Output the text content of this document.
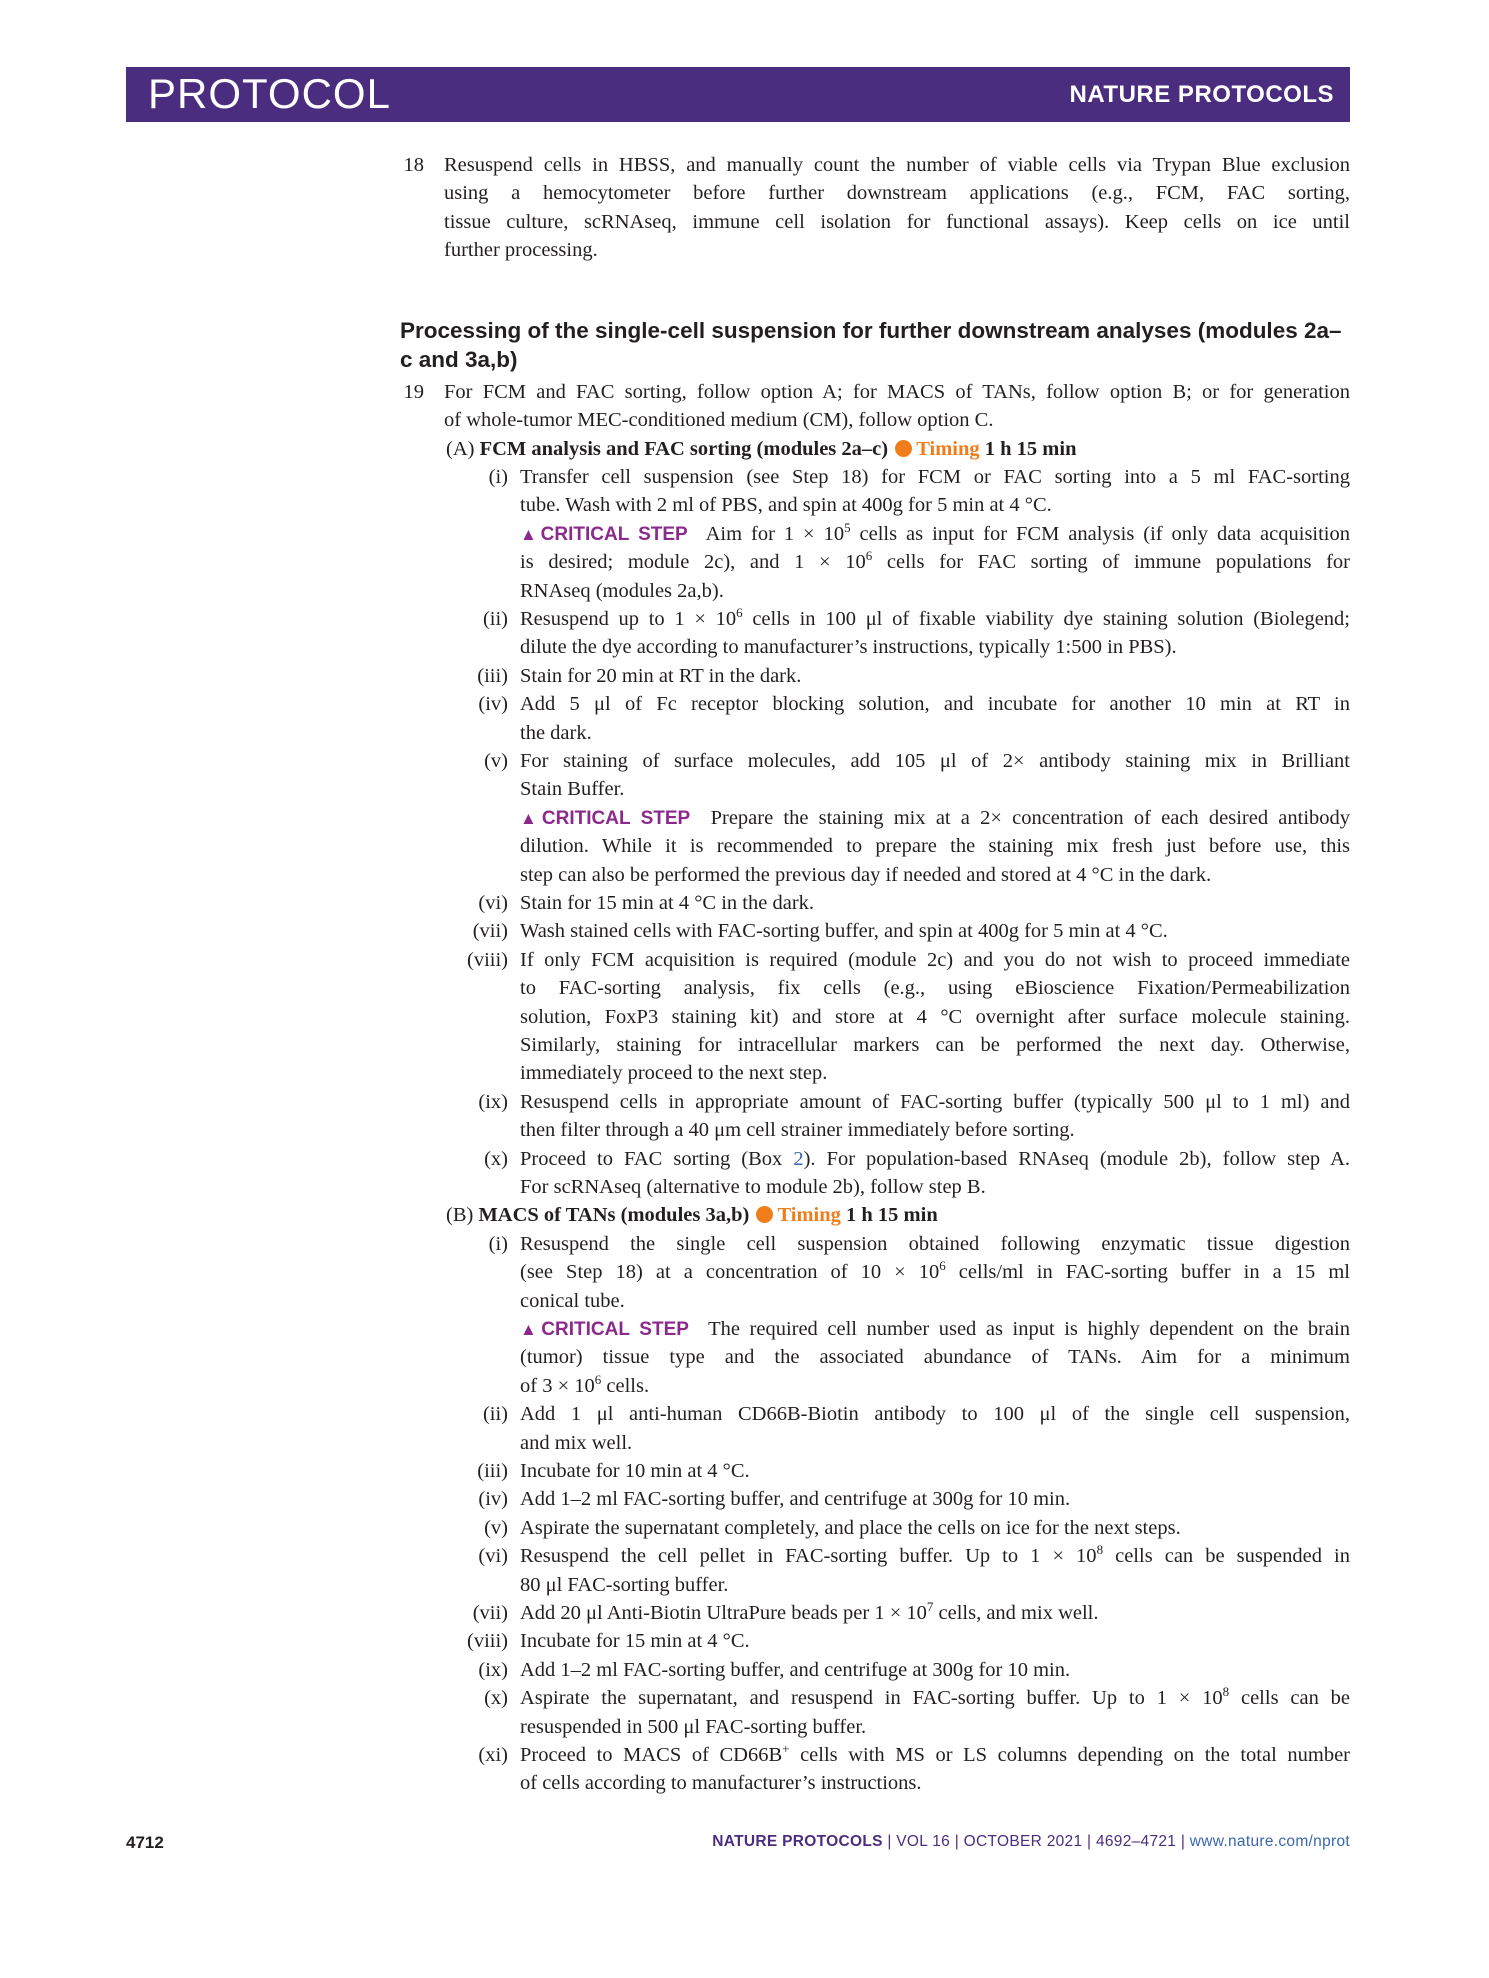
PROTOCOL	NATURE PROTOCOLS
18 Resuspend cells in HBSS, and manually count the number of viable cells via Trypan Blue exclusion
using a hemocytometer before further downstream applications (e.g., FCM, FAC sorting,
tissue culture, scRNAseq, immune cell isolation for functional assays). Keep cells on ice until
further processing.
Processing of the single-cell suspension for further downstream analyses (modules 2a–c and 3a,b)
19 For FCM and FAC sorting, follow option A; for MACS of TANs, follow option B; or for generation
of whole-tumor MEC-conditioned medium (CM), follow option C.
(A) FCM analysis and FAC sorting (modules 2a–c) Timing 1 h 15 min
(i) Transfer cell suspension (see Step 18) for FCM or FAC sorting into a 5 ml FAC-sorting
tube. Wash with 2 ml of PBS, and spin at 400g for 5 min at 4 °C.
▲CRITICAL STEP Aim for $1 \times 10^5$ cells as input for FCM analysis (if only data acquisition
is desired; module 2c), and $1 \times 10^6$ cells for FAC sorting of immune populations for
RNAseq (modules 2a,b).
(ii) Resuspend up to $1 \times 10^6$ cells in 100 μl of fixable viability dye staining solution (Biolegend;
dilute the dye according to manufacturer’s instructions, typically 1:500 in PBS).
(iii) Stain for 20 min at RT in the dark.
(iv) Add 5 μl of Fc receptor blocking solution, and incubate for another 10 min at RT in
the dark.
(v) For staining of surface molecules, add 105 μl of 2× antibody staining mix in Brilliant
Stain Buffer.
▲CRITICAL STEP Prepare the staining mix at a 2× concentration of each desired antibody
dilution. While it is recommended to prepare the staining mix fresh just before use, this
step can also be performed the previous day if needed and stored at 4 °C in the dark.
(vi) Stain for 15 min at 4 °C in the dark.
(vii) Wash stained cells with FAC-sorting buffer, and spin at 400g for 5 min at 4 °C.
(viii) If only FCM acquisition is required (module 2c) and you do not wish to proceed immediate
to FAC-sorting analysis, fix cells (e.g., using eBioscience Fixation/Permeabilization
solution, FoxP3 staining kit) and store at 4 °C overnight after surface molecule staining.
Similarly, staining for intracellular markers can be performed the next day. Otherwise,
immediately proceed to the next step.
(ix) Resuspend cells in appropriate amount of FAC-sorting buffer (typically 500 μl to 1 ml) and
then filter through a 40 μm cell strainer immediately before sorting.
(x) Proceed to FAC sorting (Box 2). For population-based RNAseq (module 2b), follow step A.
For scRNAseq (alternative to module 2b), follow step B.
(B) MACS of TANs (modules 3a,b) Timing 1 h 15 min
(i) Resuspend the single cell suspension obtained following enzymatic tissue digestion
(see Step 18) at a concentration of $10 \times 10^6$ cells/ml in FAC-sorting buffer in a 15 ml
conical tube.
▲CRITICAL STEP The required cell number used as input is highly dependent on the brain
(tumor) tissue type and the associated abundance of TANs. Aim for a minimum
of $3 \times 10^6$ cells.
(ii) Add 1 μl anti-human CD66B-Biotin antibody to 100 μl of the single cell suspension,
and mix well.
(iii) Incubate for 10 min at 4 °C.
(iv) Add 1–2 ml FAC-sorting buffer, and centrifuge at 300g for 10 min.
(v) Aspirate the supernatant completely, and place the cells on ice for the next steps.
(vi) Resuspend the cell pellet in FAC-sorting buffer. Up to $1 \times 10^8$ cells can be suspended in
80 μl FAC-sorting buffer.
(vii) Add 20 μl Anti-Biotin UltraPure beads per $1 \times 10^7$ cells, and mix well.
(viii) Incubate for 15 min at 4 °C.
(ix) Add 1–2 ml FAC-sorting buffer, and centrifuge at 300g for 10 min.
(x) Aspirate the supernatant, and resuspend in FAC-sorting buffer. Up to $1 \times 10^8$ cells can be
resuspended in 500 μl FAC-sorting buffer.
(xi) Proceed to MACS of CD66B+ cells with MS or LS columns depending on the total number
of cells according to manufacturer’s instructions.
4712	NATURE PROTOCOLS | VOL 16 | OCTOBER 2021 | 4692–4721 | www.nature.com/nprot
